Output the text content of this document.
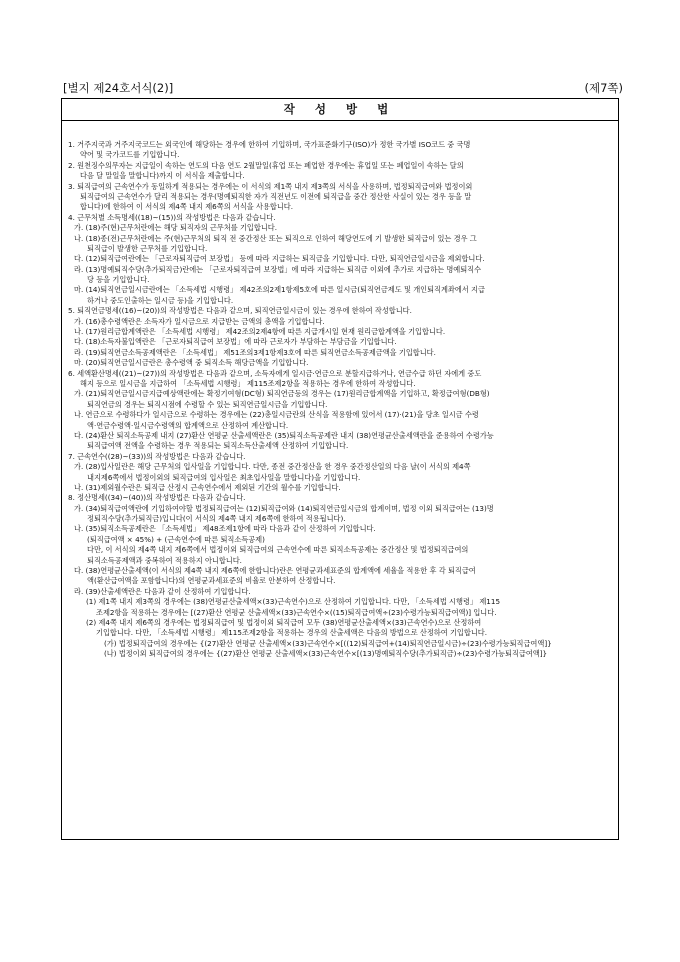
[별지 제24호서식(2)]	(제7쪽)
작 성 방 법
1. 거주지국과 거주지국코드는 외국인에 해당하는 경우에 한하여 기입하며, 국가표준화기구(ISO)가 정한 국가별 ISO코드 중 국명
약어 및 국가코드를 기입합니다.
2. 원천징수의무자는 지급일이 속하는 연도의 다음 연도 2월말일(휴업 또는 폐업한 경우에는 휴업일 또는 폐업일이 속하는 달의
다음 달 말일을 말합니다)까지 이 서식을 제출합니다.
3. 퇴직급여의 근속연수가 동일하게 적용되는 경우에는 이 서식의 제1쪽 내지 제3쪽의 서식을 사용하며, 법정퇴직급여와 법정이외
퇴직급여의 근속연수가 달리 적용되는 경우(명예퇴직한 자가 직전년도 이전에 퇴직급을 중간 정산한 사실이 있는 경우 등을 말
합니다)에 한하여 이 서식의 제4쪽 내지 제6쪽의 서식을 사용합니다.
4. 근무처별 소득명세((18)~(15))의 작성방법은 다음과 같습니다.
가. (18)주(현)근무처란에는 해당 퇴직자의 근무처를 기입합니다.
나. (18)종(전)근무처란에는 주(현)근무처의 퇴직 전 중간정산 또는 퇴직으로 인하여 해당연도에 기 발생한 퇴직급이 있는 경우 그
퇴직급이 발생한 근무처를 기입합니다.
다. (12)퇴직급여란에는 「근로자퇴직급여 보장법」 등에 따라 지급하는 퇴직금을 기입합니다. 다만, 퇴직연금일시금을 제외합니다.
라. (13)명예퇴직수당(추가퇴직금)란에는 「근로자퇴직급여 보장법」에 따라 지급하는 퇴직금 이외에 추가로 지급하는 명예퇴직수
당 등을 기입합니다.
마. (14)퇴직연금일시금란에는 「소득세법 시행령」 제42조의2제1항제5호에 따른 일시금(퇴직연금제도 및 개인퇴직계좌에서 지급
하거나 중도인출하는 일시금 등)을 기입합니다.
5. 퇴직연금명세((16)~(20))의 작성방법은 다음과 같으며, 퇴직연금일시금이 있는 경우에 한하여 작성합니다.
가. (16)총수령액란은 소득자가 일시금으로 지급받는 금액의 총액을 기입합니다.
나. (17)원리금합계액란은 「소득세법 시행령」 제42조의2제4항에 따른 지급개시일 현재 원리금합계액을 기입합니다.
다. (18)소득자불입액란은 「근로자퇴직급여 보장법」에 따라 근로자가 부담하는 부담금을 기입합니다.
라. (19)퇴직연금소득공제액란은 「소득세법」 제51조의3제1항제3호에 따른 퇴직연금소득공제금액을 기입합니다.
마. (20)퇴직연금일시금란은 총수령액 중 퇴직소득 해당금액을 기입합니다.
6. 세액환산명세((21)~(27))의 작성방법은 다음과 같으며, 소득자에게 일시금·연금으로 분할지급하거나, 연금수급 하던 자에게 중도
해지 등으로 일시금을 지급하여 「소득세법 시행령」 제115조제2항을 적용하는 경우에 한하여 작성합니다.
가. (21)퇴직연금일시금지급예상액란에는 확정기여형(DC형) 퇴직연금등의 경우는 (17)원리금합계액을 기입하고, 확정급여형(DB형)
퇴직연금의 경우는 퇴직시점에 수령할 수 있는 퇴직연금일시금을 기입합니다.
나. 연금으로 수령하다가 일시금으로 수령하는 경우에는 (22)총일시금란의 산식을 적용함에 있어서 (17)·(21)을 당초 일시금 수령
액·연금수령액·일시금수령액의 합계액으로 산정하여 계산합니다.
다. (24)환산 퇴직소득공제 내지 (27)환산 연평균 산출세액란은 (35)퇴직소득공제란 내지 (38)연평균산출세액란을 준용하여 수령가능
퇴직급여액 전액을 수령하는 경우 적용되는 퇴직소득산출세액 산정하여 기입합니다.
7. 근속연수((28)~(33))의 작성방법은 다음과 같습니다.
가. (28)입사일란은 해당 근무처의 입사일을 기입합니다. 다만, 종전 중간정산을 한 경우 중간정산일의 다음 날(이 서식의 제4쪽
내지제6쪽에서 법정이외의 퇴직급여의 입사일은 최초입사일을 말합니다)을 기입합니다.
나. (31)제외월수란은 퇴직급 산정시 근속연수에서 제외된 기간의 월수를 기입합니다.
8. 정산명세((34)~(40))의 작성방법은 다음과 같습니다.
가. (34)퇴직급여액란에 기입하여야할 법정퇴직급여는 (12)퇴직급여와 (14)퇴직연금일시금의 합계이며, 법정 이외 퇴직급여는 (13)명
정퇴직수당(추가퇴직금)입니다(이 서식의 제4쪽 내지 제6쪽에 한하여 적용됩니다).
나. (35)퇴직소득공제란은 「소득세법」 제48조제1항에 따라 다음과 같이 산정하여 기입합니다.
(퇴직급여액 × 45%) + (근속연수에 따른 퇴직소득공제)
다만, 이 서식의 제4쪽 내지 제6쪽에서 법정이외 퇴직급여의 근속연수에 따른 퇴직소득공제는 중간정산 및 법정퇴직급여의
퇴직소득공제액과 중복하여 적용하지 아니합니다.
다. (38)연평균산출세액(이 서식의 제4쪽 내지 제6쪽에 한합니다)란은 연평균과세표준의 합계액에 세율을 적용한 후 각 퇴직급여
액(환산급여액을 포함합니다)의 연평균과세표준의 비율로 안분하여 산정합니다.
라. (39)산출세액란은 다음과 같이 산정하여 기입합니다.
(1) 제1쪽 내지 제3쪽의 경우에는 (38)연평균산출세액×(33)근속연수)으로 산정하여 기입합니다. 다만, 「소득세법 시행령」 제115
조제2항을 적용하는 경우에는 [(27)환산 연평균 산출세액×(33)근속연수×((15)퇴직급여액÷(23)수령가능퇴직급여액)] 입니다.
(2) 제4쪽 내지 제6쪽의 경우에는 법정퇴직급여 및 법정이외 퇴직급여 모두 (38)연평균산출세액×(33)근속연수)으로 산정하여
기입합니다. 다만, 「소득세법 시행령」 제115조제2항을 적용하는 경우의 산출세액은 다음의 방법으로 산정하여 기입합니다.
(가) 법정퇴직급여의 경우에는 {(27)환산 연평균 산출세액×(33)근속연수×[((12)퇴직급여+(14)퇴직연금일시금)÷(23)수령가능퇴직급여액]}
(나) 법정이외 퇴직급여의 경우에는 {(27)환산 연평균 산출세액×(33)근속연수×[(13)명예퇴직수당(추가퇴직금)÷(23)수령가능퇴직급여액]}
